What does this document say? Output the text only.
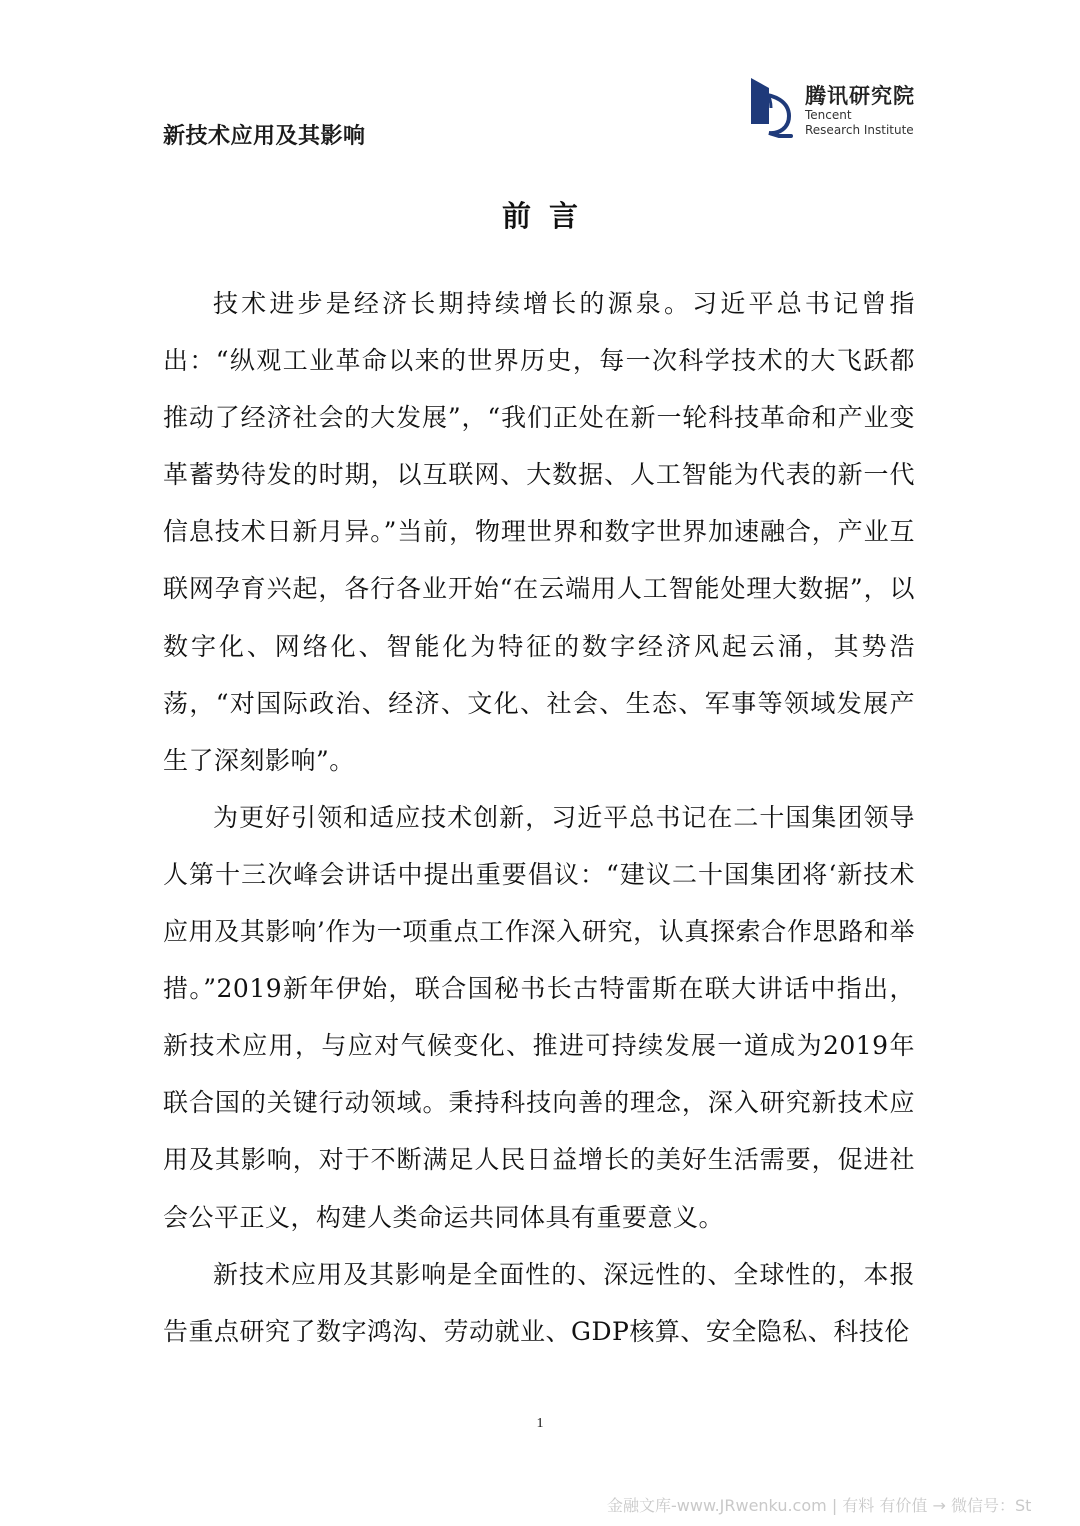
新技术应用及其影响
腾讯研究院
Tencent
Research Institute
前言

技术进步是经济长期持续增长的源泉。习近平总书记曾指出：“纵观工业革命以来的世界历史，每一次科学技术的大飞跃都推动了经济社会的大发展”，“我们正处在新一轮科技革命和产业变革蓄势待发的时期，以互联网、大数据、人工智能为代表的新一代信息技术日新月异。”当前，物理世界和数字世界加速融合，产业互联网孕育兴起，各行各业开始“在云端用人工智能处理大数据”，以数字化、网络化、智能化为特征的数字经济风起云涌，其势浩荡，“对国际政治、经济、文化、社会、生态、军事等领域发展产生了深刻影响”。

为更好引领和适应技术创新，习近平总书记在二十国集团领导人第十三次峰会讲话中提出重要倡议：“建议二十国集团将‘新技术应用及其影响’作为一项重点工作深入研究，认真探索合作思路和举措。”2019新年伊始，联合国秘书长古特雷斯在联大讲话中指出，新技术应用，与应对气候变化、推进可持续发展一道成为2019年联合国的关键行动领域。秉持科技向善的理念，深入研究新技术应用及其影响，对于不断满足人民日益增长的美好生活需要，促进社会公平正义，构建人类命运共同体具有重要意义。

新技术应用及其影响是全面性的、深远性的、全球性的，本报告重点研究了数字鸿沟、劳动就业、GDP核算、安全隐私、科技伦

1
金融文库-www.JRwenku.com | 有料 有价值 → 微信号：St
